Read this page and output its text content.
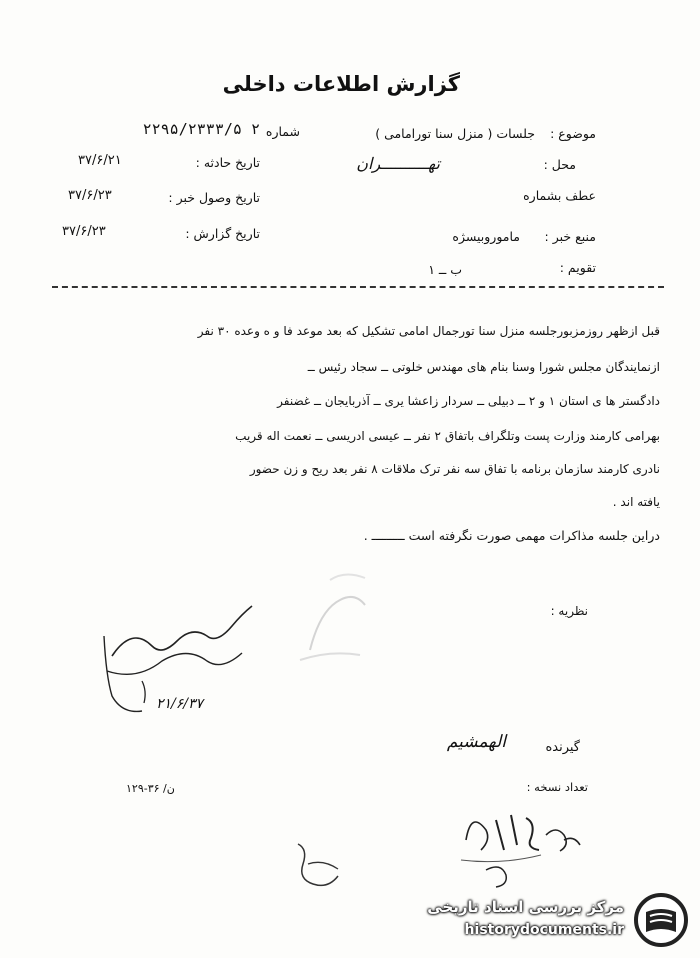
گزارش اطلاعات داخلی
موضوع :
جلسات ( منزل سنا تورامامی )
محل :
تهــــــــــران
عطف بشماره
منبع خبر :
ماموروبیسژه
تقویم :
ب ــ ۱
شماره
۲۲۹۵/۲۳۳۳/۵ ۲
تاریخ حادثه :
۳۷/۶/۲۱
تاریخ وصول خبر :
۳۷/۶/۲۳
تاریخ گزارش :
۳۷/۶/۲۳
قبل ازظهر روزمزبورجلسه منزل سنا تورجمال امامی تشکیل که بعد موعد فا و ه وعده ۳۰ نفر
ازنمایندگان مجلس شورا وسنا بنام های مهندس خلوتی ــ سجاد رئیس ــ
دادگستر ها ی استان ۱ و ۲ ــ دبیلی ــ سردار زاعشا یری ــ آذربایجان ــ غضنفر
بهرامی کارمند وزارت پست وتلگراف باتفاق ۲ نفر ــ عیسی ادریسی ــ نعمت اله قریب
نادری کارمند سازمان برنامه با تفاق سه نفر ترک ملاقات ۸ نفر بعد ریح و زن حضور
یافته اند .
دراین جلسه مذاکرات مهمی صورت نگرفته است ـــــــــ .
نظریه :
۲۱/۶/۳۷
گیرنده
الهمشیم
تعداد نسخه :
۱۲۹-۳۶ /ن
مرکز بررسی اسناد تاریخی
historydocuments.ir
